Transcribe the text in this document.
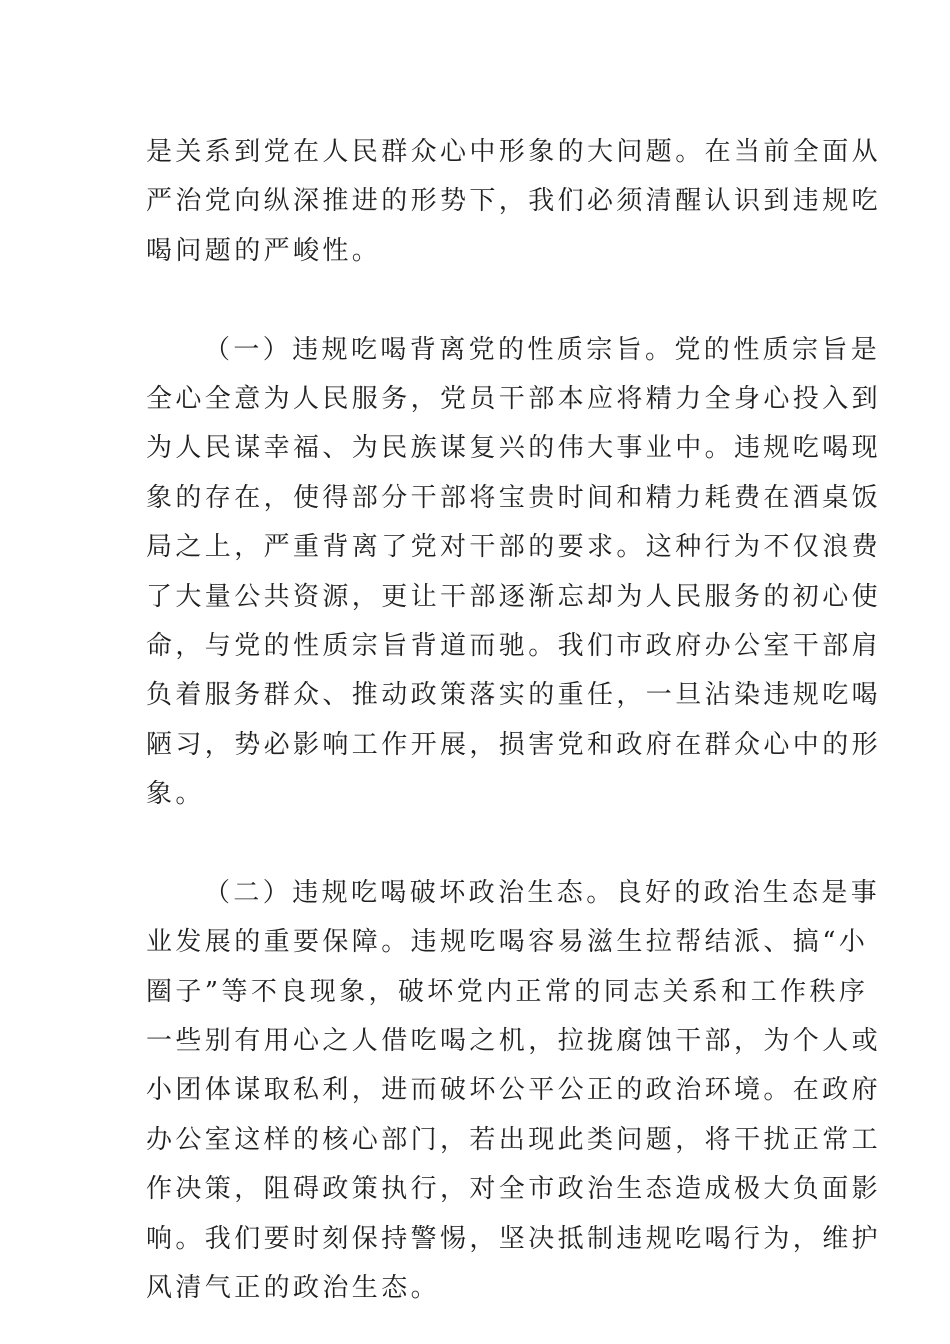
是关系到党在人民群众心中形象的大问题。在当前全面从
严治党向纵深推进的形势下，我们必须清醒认识到违规吃
喝问题的严峻性。
（一）违规吃喝背离党的性质宗旨。党的性质宗旨是
全心全意为人民服务，党员干部本应将精力全身心投入到
为人民谋幸福、为民族谋复兴的伟大事业中。违规吃喝现
象的存在，使得部分干部将宝贵时间和精力耗费在酒桌饭
局之上，严重背离了党对干部的要求。这种行为不仅浪费
了大量公共资源，更让干部逐渐忘却为人民服务的初心使
命，与党的性质宗旨背道而驰。我们市政府办公室干部肩
负着服务群众、推动政策落实的重任，一旦沾染违规吃喝
陋习，势必影响工作开展，损害党和政府在群众心中的形
象。
（二）违规吃喝破坏政治生态。良好的政治生态是事
业发展的重要保障。违规吃喝容易滋生拉帮结派、搞“小
圈子”等不良现象，破坏党内正常的同志关系和工作秩序
一些别有用心之人借吃喝之机，拉拢腐蚀干部，为个人或
小团体谋取私利，进而破坏公平公正的政治环境。在政府
办公室这样的核心部门，若出现此类问题，将干扰正常工
作决策，阻碍政策执行，对全市政治生态造成极大负面影
响。我们要时刻保持警惕，坚决抵制违规吃喝行为，维护
风清气正的政治生态。
